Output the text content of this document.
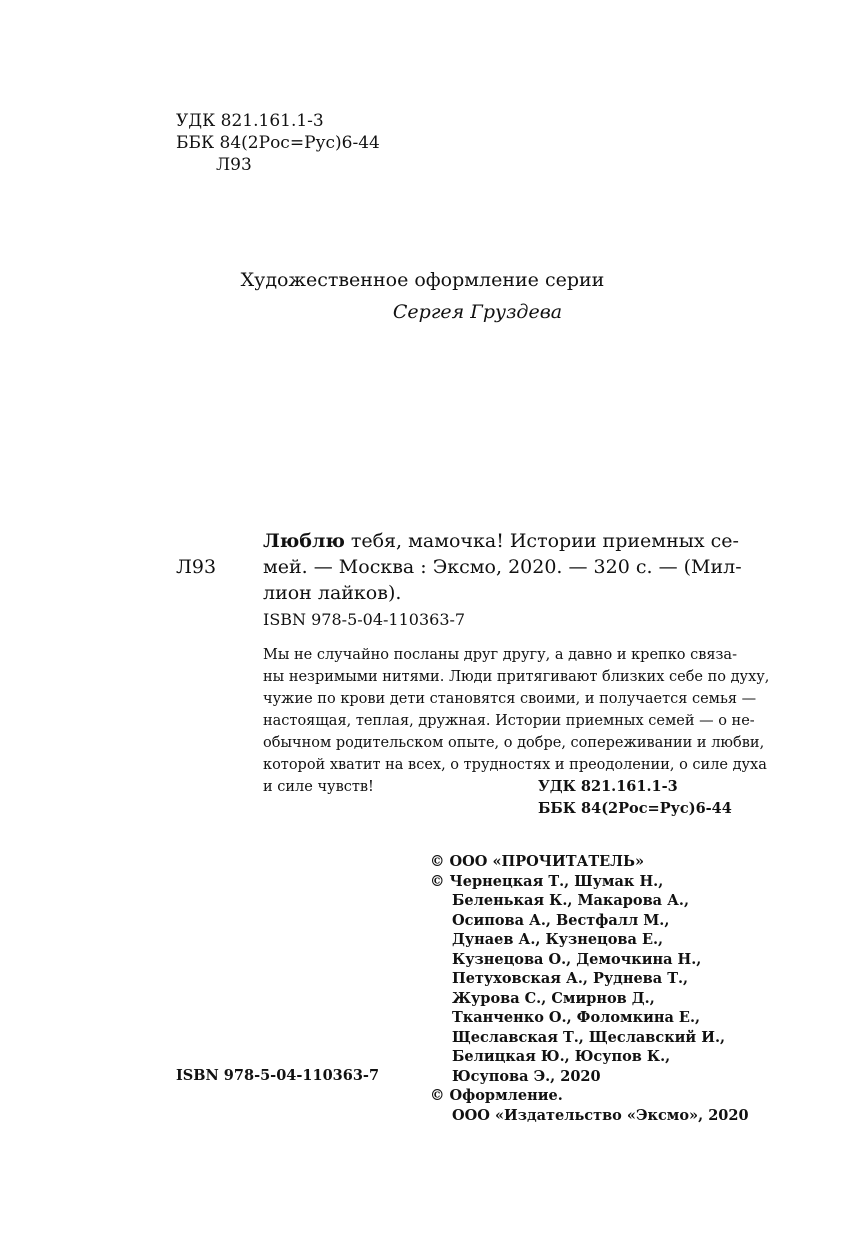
УДК 821.161.1-3
ББК 84(2Рос=Рус)6-44
Л93
Художественное оформление серии
Сергея Груздева
Л93
Люблю тебя, мамочка! Истории приемных се-
мей. — Москва : Эксмо, 2020. — 320 с. — (Мил-
лион лайков).
ISBN 978-5-04-110363-7
Мы не случайно посланы друг другу, а давно и крепко связа-
ны незримыми нитями. Люди притягивают близких себе по духу,
чужие по крови дети становятся своими, и получается семья —
настоящая, теплая, дружная. Истории приемных семей — о не-
обычном родительском опыте, о добре, сопереживании и любви,
которой хватит на всех, о трудностях и преодолении, о силе духа
и силе чувств!	УДК 821.161.1-3
ББК 84(2Рос=Рус)6-44
© ООО «ПРОЧИТАТЕЛЬ»
© Чернецкая Т., Шумак Н.,
Беленькая К., Макарова А.,
Осипова А., Вестфалл М.,
Дунаев А., Кузнецова Е.,
Кузнецова О., Демочкина Н.,
Петуховская А., Руднева Т.,
Журова С., Смирнов Д.,
Тканченко О., Фоломкина Е.,
Щеславская Т., Щеславский И.,
Белицкая Ю., Юсупов К.,
Юсупова Э., 2020
© Оформление.
ООО «Издательство «Эксмо», 2020
ISBN 978-5-04-110363-7
